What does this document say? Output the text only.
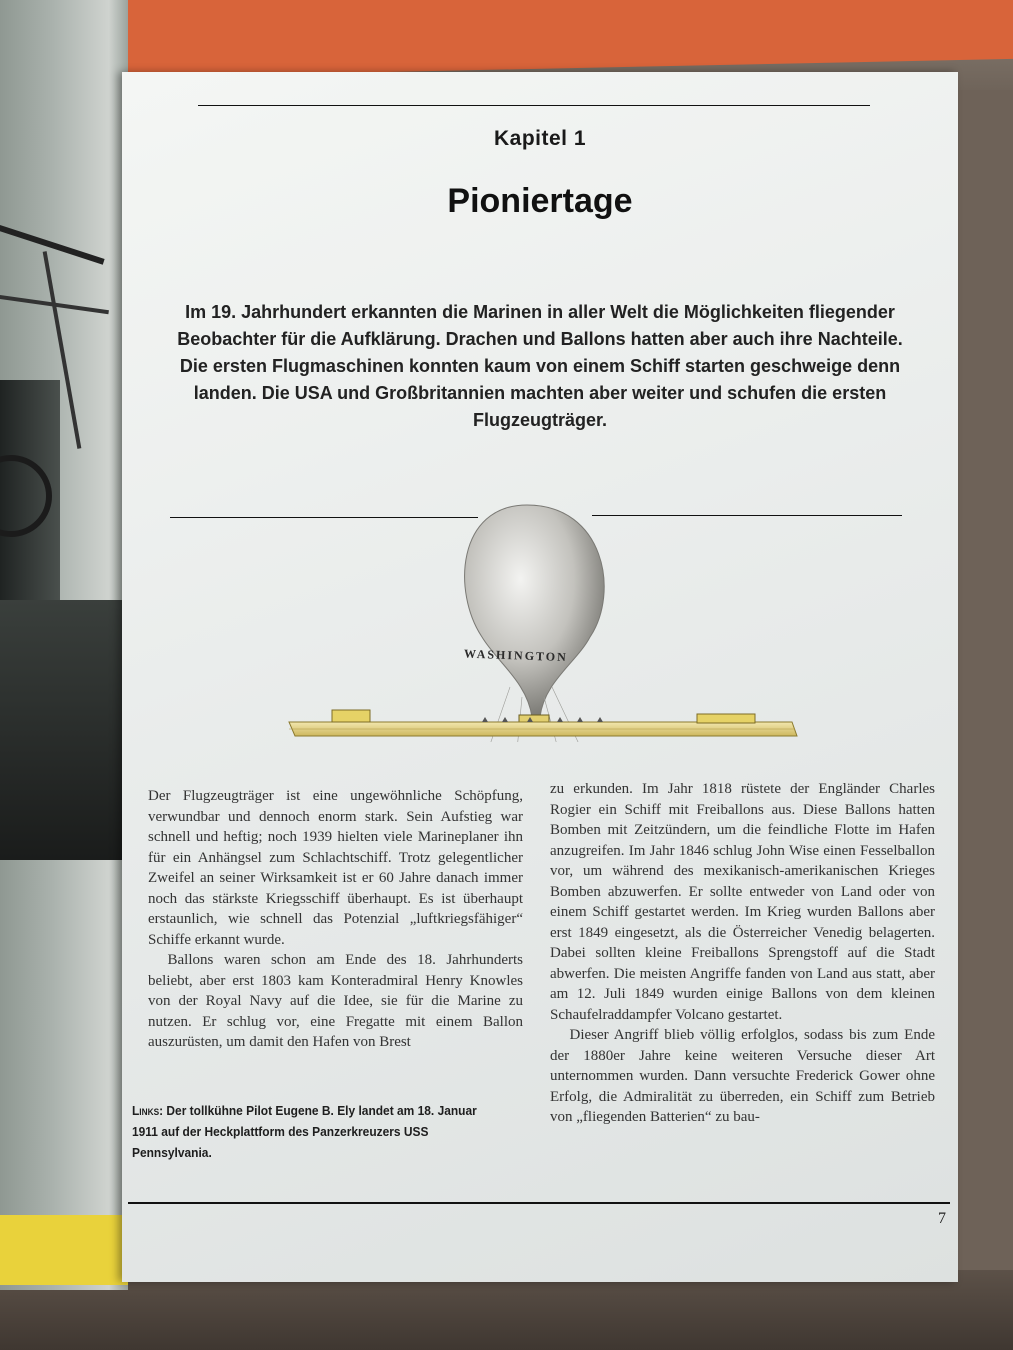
Kapitel 1
Pioniertage
Im 19. Jahrhundert erkannten die Marinen in aller Welt die Möglichkeiten fliegender Beobachter für die Aufklärung. Drachen und Ballons hatten aber auch ihre Nachteile. Die ersten Flugmaschinen konnten kaum von einem Schiff starten geschweige denn landen. Die USA und Großbritannien machten aber weiter und schufen die ersten Flugzeugträger.
WASHINGTON

Der Flugzeugträger ist eine ungewöhnliche Schöpfung, verwundbar und dennoch enorm stark. Sein Aufstieg war schnell und heftig; noch 1939 hielten viele Marineplaner ihn für ein Anhängsel zum Schlachtschiff. Trotz gelegentlicher Zweifel an seiner Wirksamkeit ist er 60 Jahre danach immer noch das stärkste Kriegsschiff überhaupt. Es ist überhaupt erstaunlich, wie schnell das Potenzial „luftkriegsfähiger“ Schiffe erkannt wurde.

Ballons waren schon am Ende des 18. Jahrhunderts beliebt, aber erst 1803 kam Konteradmiral Henry Knowles von der Royal Navy auf die Idee, sie für die Marine zu nutzen. Er schlug vor, eine Fregatte mit einem Ballon auszurüsten, um damit den Hafen von Brest

zu erkunden. Im Jahr 1818 rüstete der Engländer Charles Rogier ein Schiff mit Freiballons aus. Diese Ballons hatten Bomben mit Zeitzündern, um die feindliche Flotte im Hafen anzugreifen. Im Jahr 1846 schlug John Wise einen Fesselballon vor, um während des mexikanisch-amerikanischen Krieges Bomben abzuwerfen. Er sollte entweder von Land oder von einem Schiff gestartet werden. Im Krieg wurden Ballons aber erst 1849 eingesetzt, als die Österreicher Venedig belagerten. Dabei sollten kleine Freiballons Sprengstoff auf die Stadt abwerfen. Die meisten Angriffe fanden von Land aus statt, aber am 12. Juli 1849 wurden einige Ballons von dem kleinen Schaufelraddampfer Volcano gestartet.

Dieser Angriff blieb völlig erfolglos, sodass bis zum Ende der 1880er Jahre keine weiteren Versuche dieser Art unternommen wurden. Dann versuchte Frederick Gower ohne Erfolg, die Admiralität zu überreden, ein Schiff zum Betrieb von „fliegenden Batterien“ zu bau-

Links: Der tollkühne Pilot Eugene B. Ely landet am 18. Januar 1911 auf der Heckplattform des Panzerkreuzers USS Pennsylvania.
7
